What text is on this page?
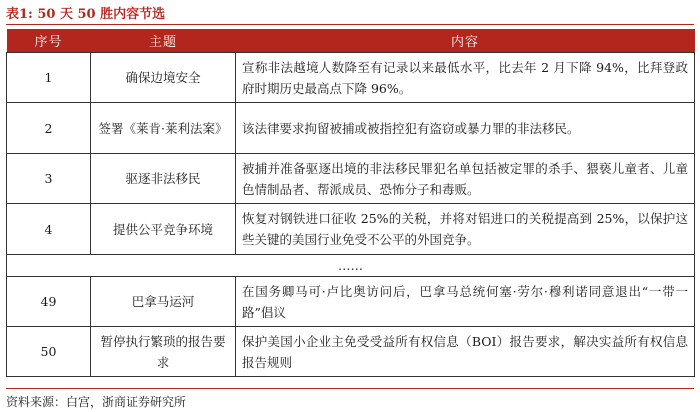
表1: 50 天 50 胜内容节选
序号	主题	内容
1	确保边境安全	宣称非法越境人数降至有记录以来最低水平，比去年 2 月下降 94%，比拜登政府时期历史最高点下降 96%。
2	签署《莱肯·莱利法案》	该法律要求拘留被捕或被指控犯有盗窃或暴力罪的非法移民。
3	驱逐非法移民	被捕并准备驱逐出境的非法移民罪犯名单包括被定罪的杀手、猥亵儿童者、儿童色情制品者、帮派成员、恐怖分子和毒贩。
4	提供公平竞争环境	恢复对钢铁进口征收 25%的关税，并将对铝进口的关税提高到 25%，以保护这些关键的美国行业免受不公平的外国竞争。
……		
49	巴拿马运河	在国务卿马可·卢比奥访问后，巴拿马总统何塞·劳尔·穆利诺同意退出“一带一路”倡议
50	暂停执行繁琐的报告要求	保护美国小企业主免受受益所有权信息（BOI）报告要求，解决实益所有权信息报告规则
资料来源：白宫，浙商证券研究所
